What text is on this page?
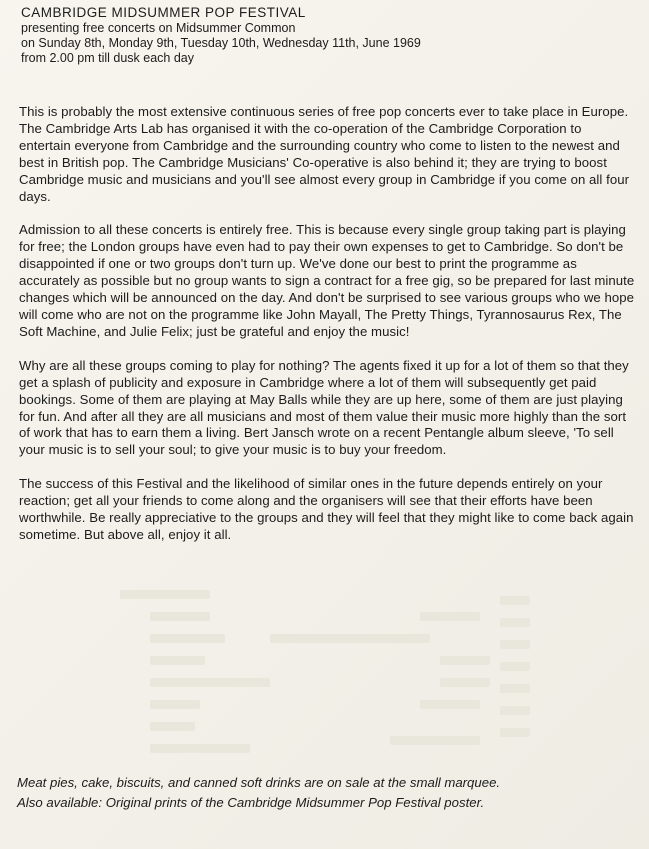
CAMBRIDGE MIDSUMMER POP FESTIVAL

presenting free concerts on Midsummer Common

on Sunday 8th, Monday 9th, Tuesday 10th, Wednesday 11th, June 1969

from 2.00 pm till dusk each day

This is probably the most extensive continuous series of free pop concerts ever to take place in Europe. The Cambridge Arts Lab has organised it with the co-operation of the Cambridge Corporation to entertain everyone from Cambridge and the surrounding country who come to listen to the newest and best in British pop. The Cambridge Musicians' Co-operative is also behind it; they are trying to boost Cambridge music and musicians and you'll see almost every group in Cambridge if you come on all four days.

Admission to all these concerts is entirely free. This is because every single group taking part is playing for free; the London groups have even had to pay their own expenses to get to Cambridge. So don't be disappointed if one or two groups don't turn up. We've done our best to print the programme as accurately as possible but no group wants to sign a contract for a free gig, so be prepared for last minute changes which will be announced on the day. And don't be surprised to see various groups who we hope will come who are not on the programme like John Mayall, The Pretty Things, Tyrannosaurus Rex, The Soft Machine, and Julie Felix; just be grateful and enjoy the music!

Why are all these groups coming to play for nothing? The agents fixed it up for a lot of them so that they get a splash of publicity and exposure in Cambridge where a lot of them will subsequently get paid bookings. Some of them are playing at May Balls while they are up here, some of them are just playing for fun. And after all they are all musicians and most of them value their music more highly than the sort of work that has to earn them a living. Bert Jansch wrote on a recent Pentangle album sleeve, 'To sell your music is to sell your soul; to give your music is to buy your freedom.

The success of this Festival and the likelihood of similar ones in the future depends entirely on your reaction; get all your friends to come along and the organisers will see that their efforts have been worthwhile. Be really appreciative to the groups and they will feel that they might like to come back again sometime. But above all, enjoy it all.

Meat pies, cake, biscuits, and canned soft drinks are on sale at the small marquee.

Also available: Original prints of the Cambridge Midsummer Pop Festival poster.
